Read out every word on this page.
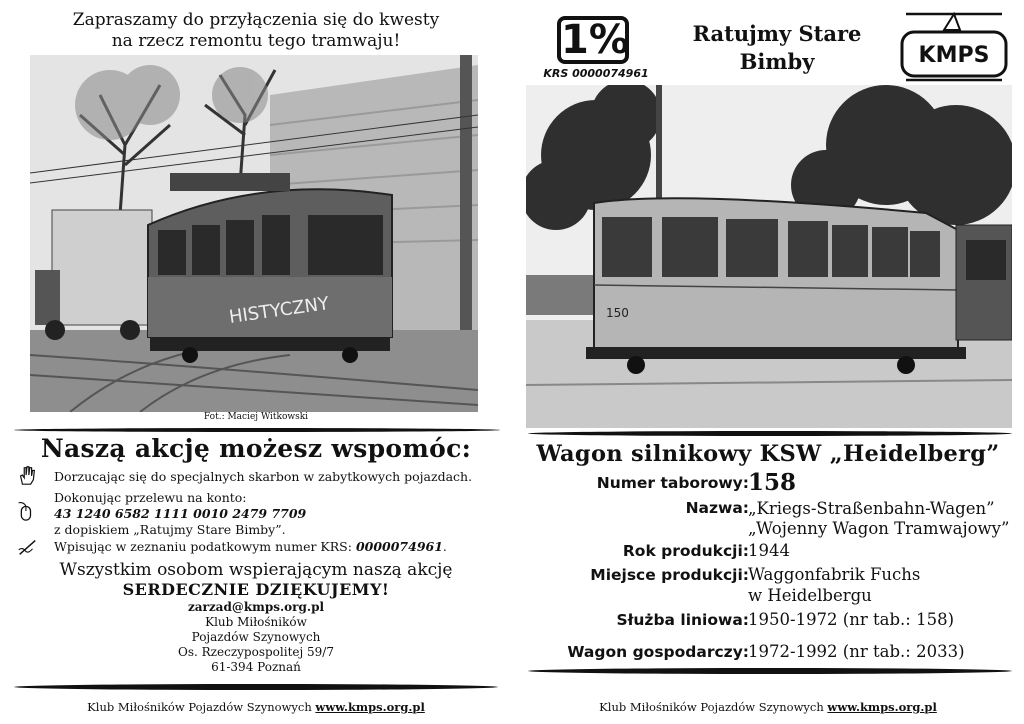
Zapraszamy do przyłączenia się do kwesty
na rzecz remontu tego tramwaju!
HISTYCZNY
Fot.: Maciej Witkowski
Naszą akcję możesz wspomóc:
Dorzucając się do specjalnych skarbon w zabytkowych pojazdach.
Dokonując przelewu na konto:
43 1240 6582 1111 0010 2479 7709
z dopiskiem „Ratujmy Stare Bimby”.
Wpisując w zeznaniu podatkowym numer KRS: 0000074961.
Wszystkim osobom wspierającym naszą akcję
SERDECZNIE DZIĘKUJEMY!
zarzad@kmps.org.pl
Klub Miłośników
Pojazdów Szynowych
Os. Rzeczypospolitej 59/7
61-394 Poznań
Klub Miłośników Pojazdów Szynowych www.kmps.org.pl
1%
KRS 0000074961
Ratujmy Stare
Bimby	KMPS
150
Wagon silnikowy KSW „Heidelberg”
Numer taborowy: 158
Nazwa: „Kriegs-Straßenbahn-Wagen”
„Wojenny Wagon Tramwajowy”
Rok produkcji: 1944
Miejsce produkcji: Waggonfabrik Fuchs
w Heidelbergu
Służba liniowa: 1950-1972 (nr tab.: 158)
Wagon gospodarczy: 1972-1992 (nr tab.: 2033)
Klub Miłośników Pojazdów Szynowych www.kmps.org.pl
